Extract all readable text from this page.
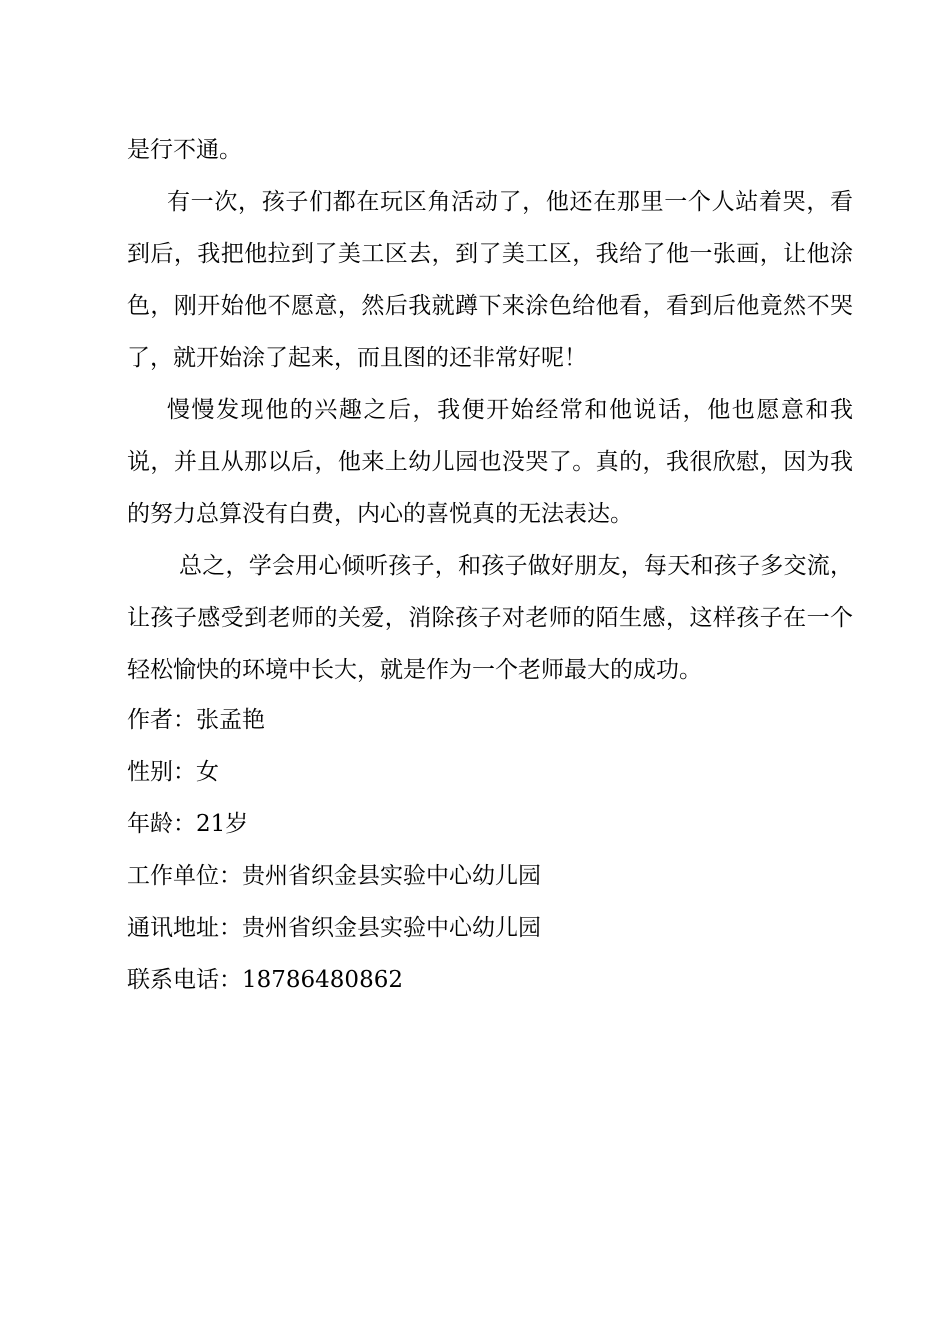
是行不通。

有一次，孩子们都在玩区角活动了，他还在那里一个人站着哭，看到后，我把他拉到了美工区去，到了美工区，我给了他一张画，让他涂色，刚开始他不愿意，然后我就蹲下来涂色给他看，看到后他竟然不哭了，就开始涂了起来，而且图的还非常好呢！

慢慢发现他的兴趣之后，我便开始经常和他说话，他也愿意和我说，并且从那以后，他来上幼儿园也没哭了。真的，我很欣慰，因为我的努力总算没有白费，内心的喜悦真的无法表达。

总之，学会用心倾听孩子，和孩子做好朋友，每天和孩子多交流，让孩子感受到老师的关爱，消除孩子对老师的陌生感，这样孩子在一个轻松愉快的环境中长大，就是作为一个老师最大的成功。

作者：张孟艳
性别：女
年龄：21岁
工作单位：贵州省织金县实验中心幼儿园
通讯地址：贵州省织金县实验中心幼儿园
联系电话：18786480862
